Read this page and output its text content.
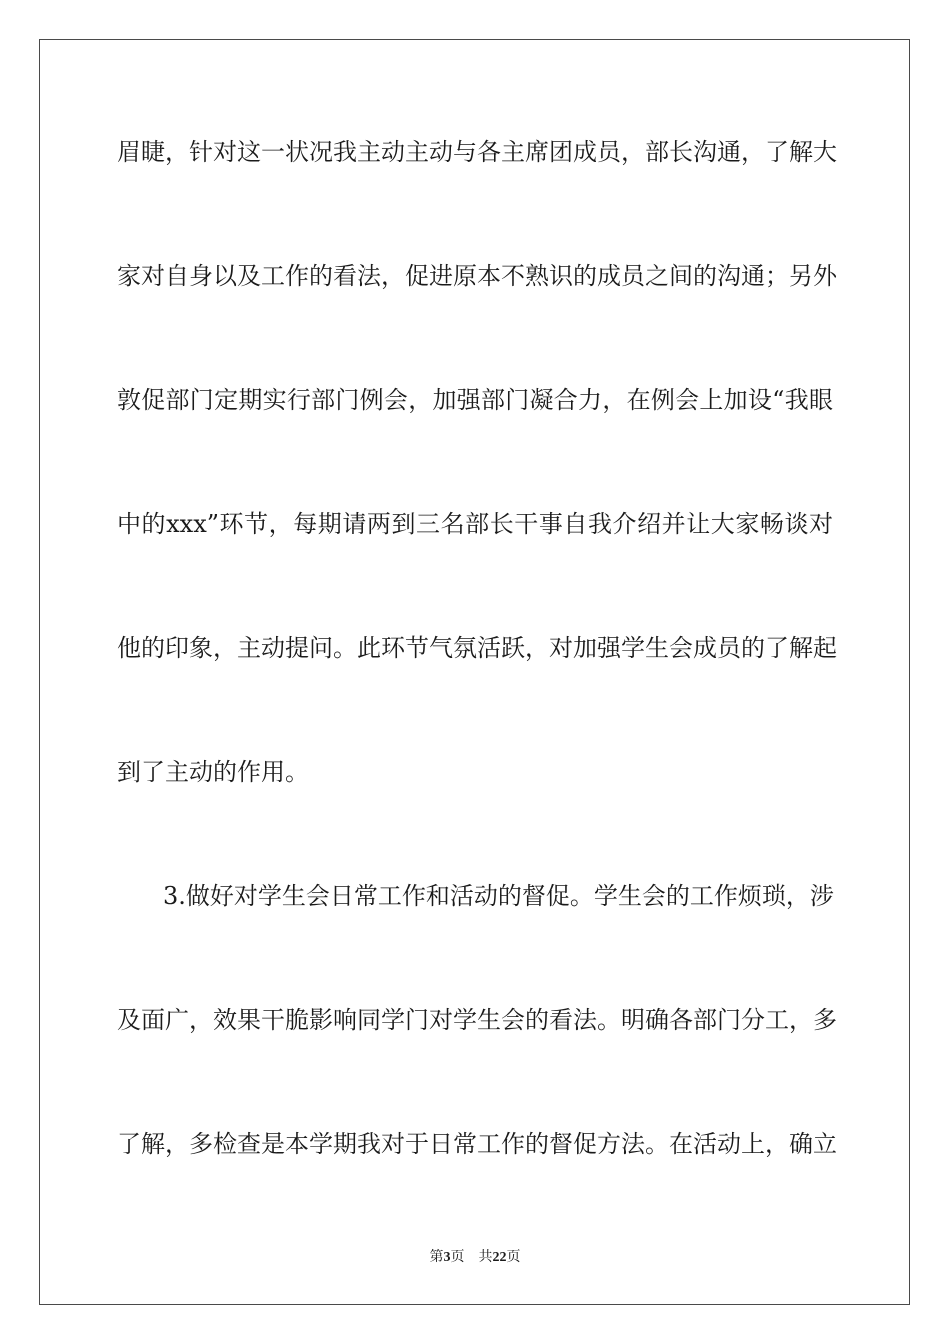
眉睫，针对这一状况我主动主动与各主席团成员，部长沟通，了解大
家对自身以及工作的看法，促进原本不熟识的成员之间的沟通；另外
敦促部门定期实行部门例会，加强部门凝合力，在例会上加设“我眼
中的xxx”环节，每期请两到三名部长干事自我介绍并让大家畅谈对
他的印象，主动提问。此环节气氛活跃，对加强学生会成员的了解起
到了主动的作用。
3.做好对学生会日常工作和活动的督促。学生会的工作烦琐，涉
及面广，效果干脆影响同学门对学生会的看法。明确各部门分工，多
了解，多检查是本学期我对于日常工作的督促方法。在活动上，确立
第3页 共22页
